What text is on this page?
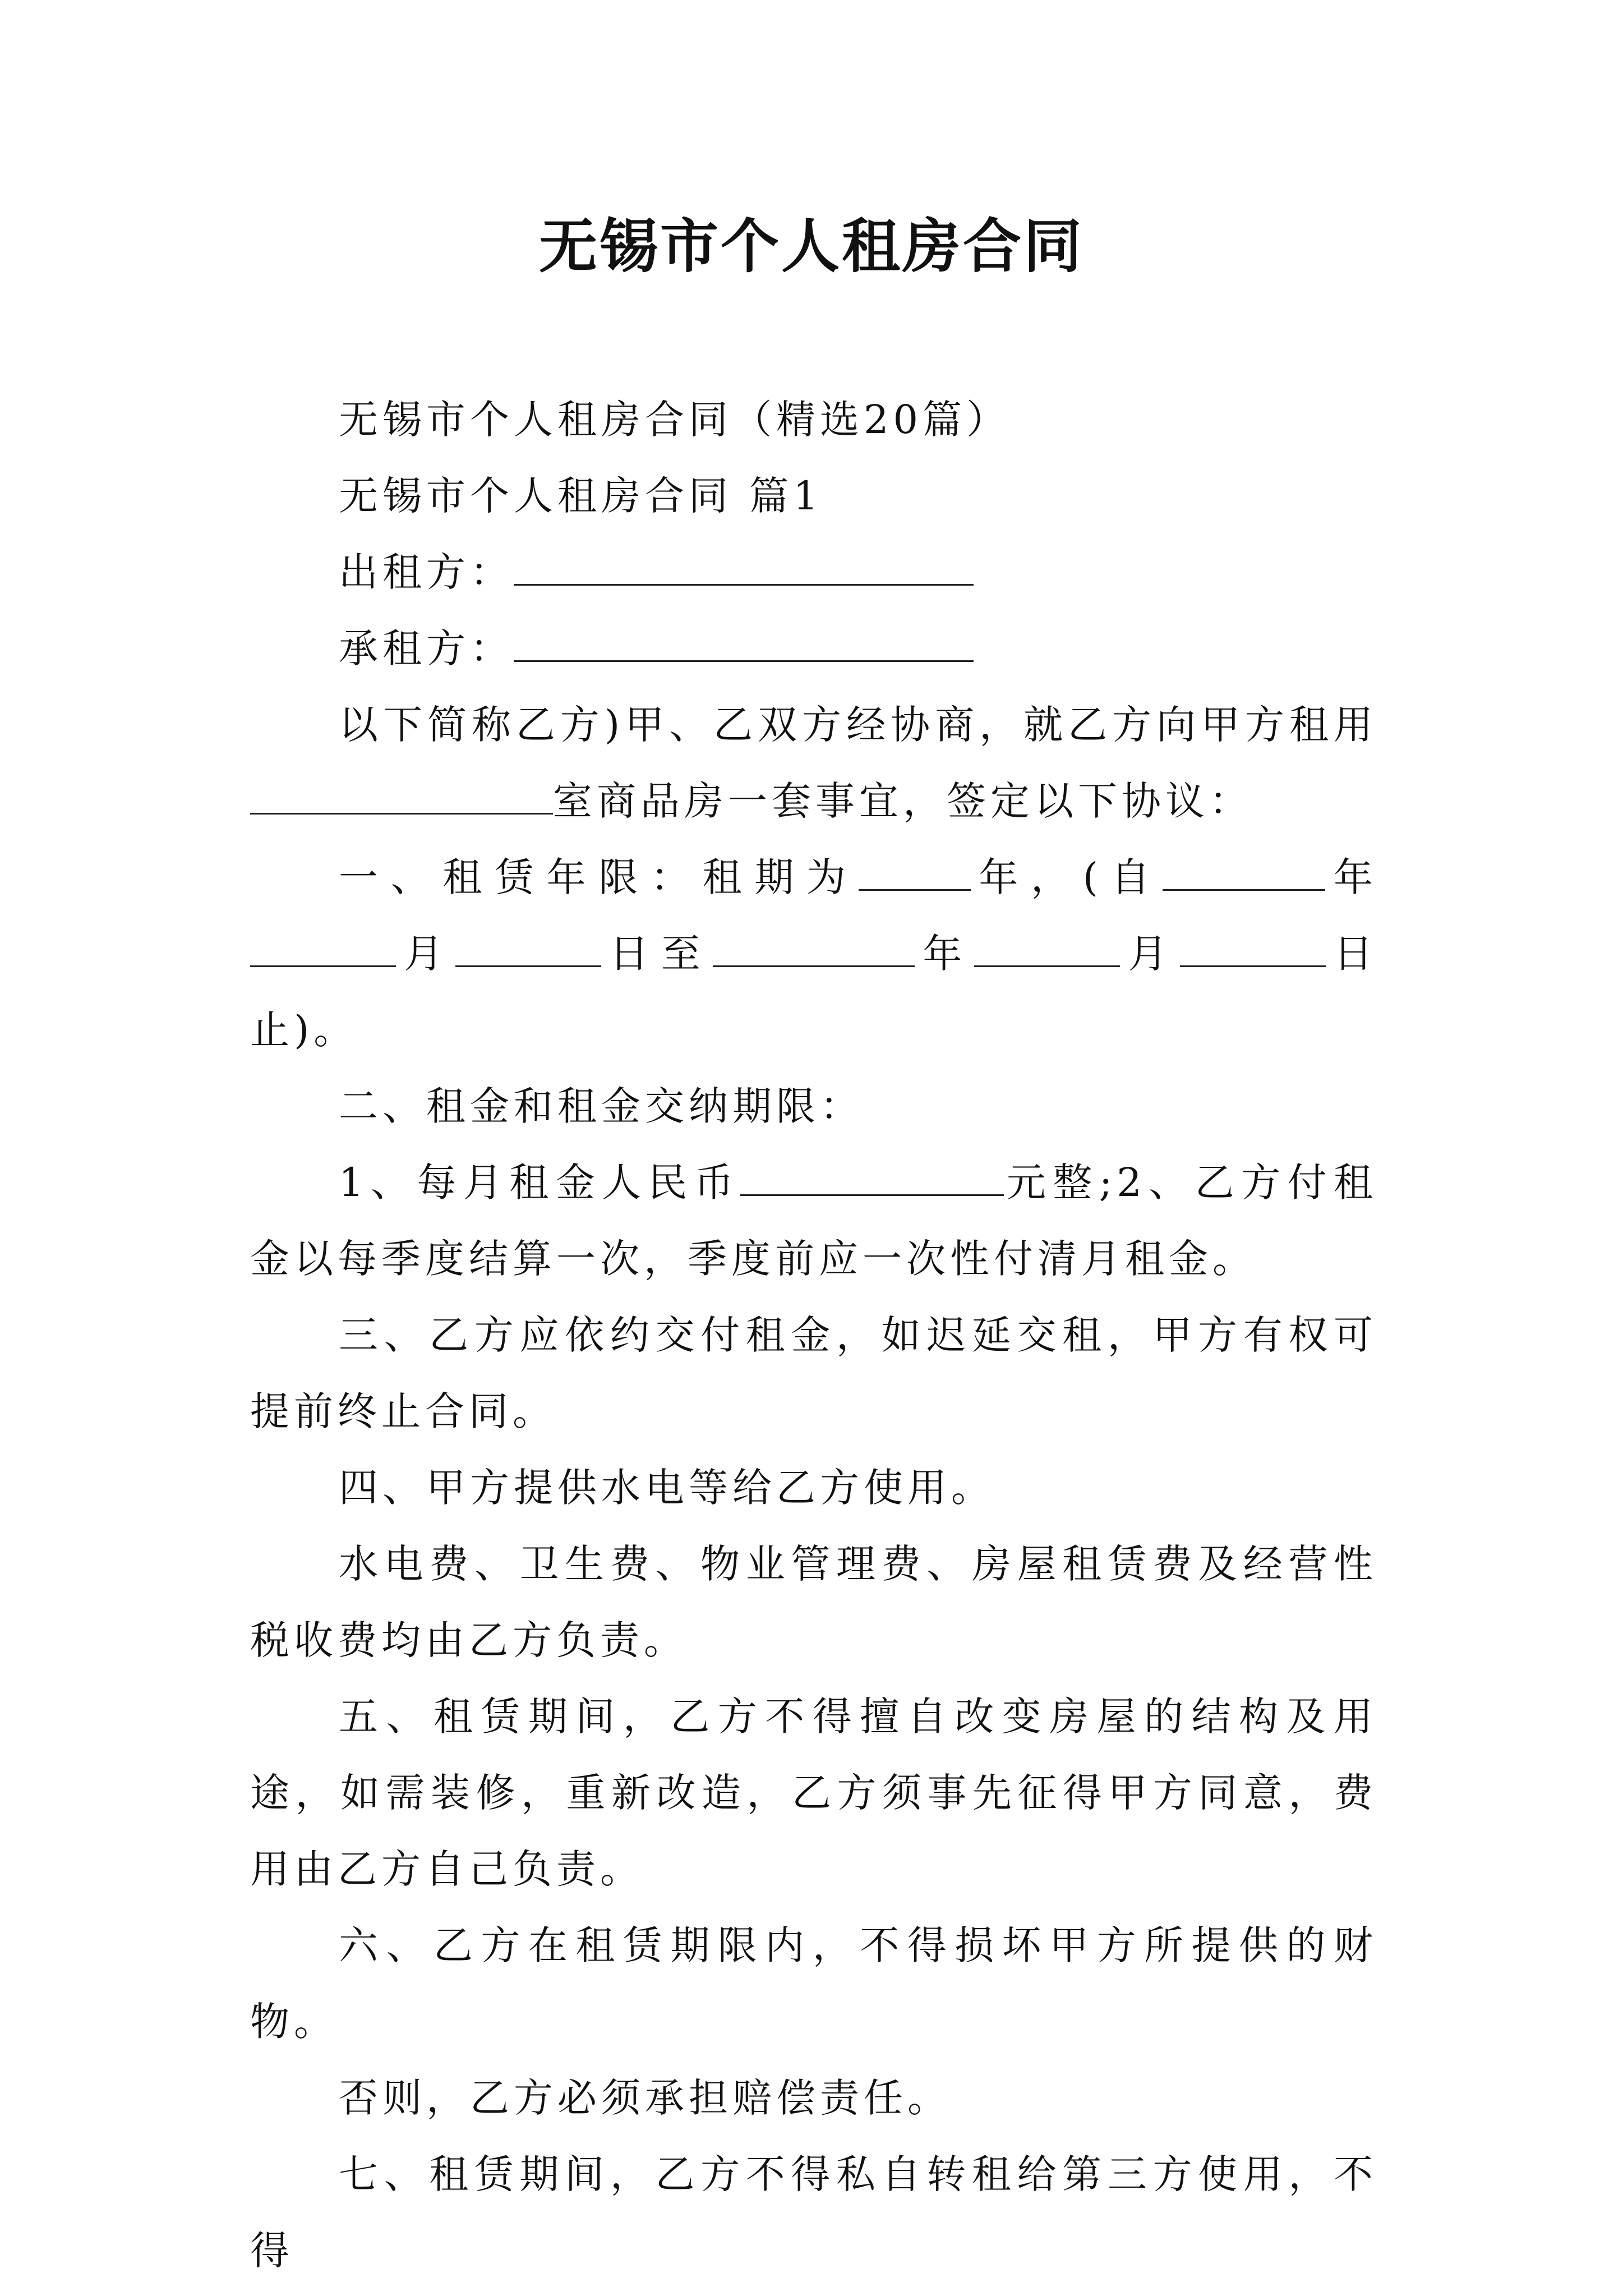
无锡市个人租房合同

无锡市个人租房合同（精选20篇）

无锡市个人租房合同 篇1

出租方：

承租方：

以下简称乙方)甲、乙双方经协商，就乙方向甲方租用室商品房一套事宜，签定以下协议：

一、租赁年限：租期为	年，(自	年月	日至	年	月	日止)。

二、租金和租金交纳期限：

1、每月租金人民币	元整;2、乙方付租金以每季度结算一次，季度前应一次性付清月租金。

三、乙方应依约交付租金，如迟延交租，甲方有权可提前终止合同。

四、甲方提供水电等给乙方使用。

水电费、卫生费、物业管理费、房屋租赁费及经营性税收费均由乙方负责。

五、租赁期间，乙方不得擅自改变房屋的结构及用途，如需装修，重新改造，乙方须事先征得甲方同意，费用由乙方自己负责。

六、乙方在租赁期限内，不得损坏甲方所提供的财物。

否则，乙方必须承担赔偿责任。

七、租赁期间，乙方不得私自转租给第三方使用，不得
